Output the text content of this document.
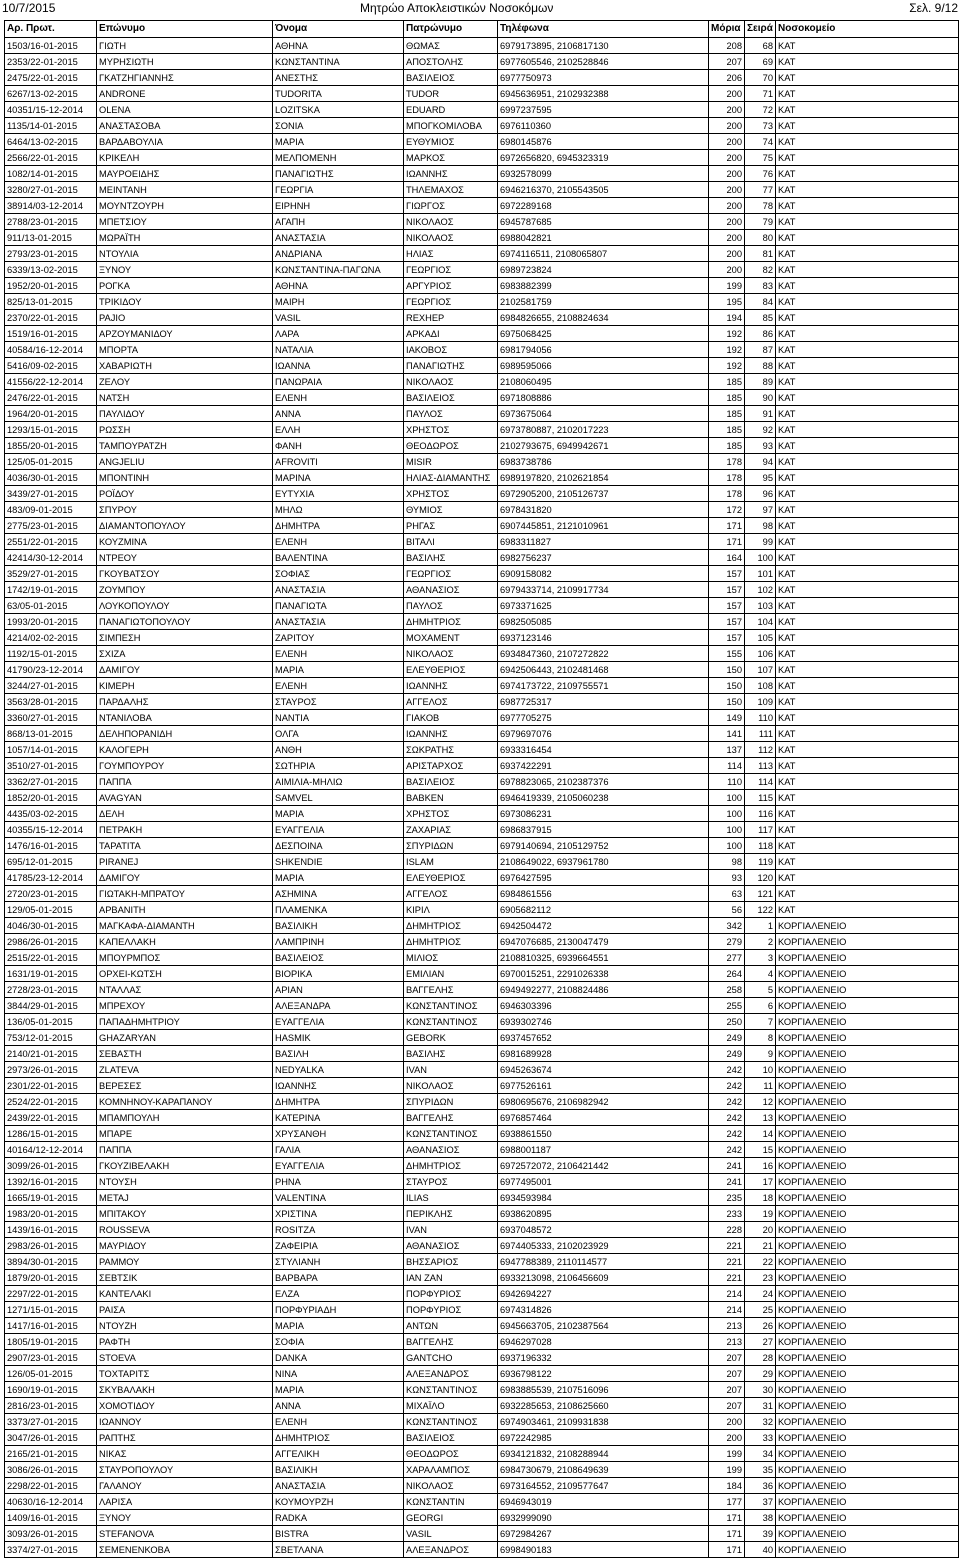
10/7/2015	Μητρώο Αποκλειστικών Νοσοκόμων	Σελ. 9/12
Αρ. Πρωτ.	Επώνυμο	Όνομα	Πατρώνυμο	Τηλέφωνα	Μόρια	Σειρά	Νοσοκομείο
1503/16-01-2015	ΓΙΩΤΗ	ΑΘΗΝΑ	ΘΩΜΑΣ	6979173895, 2106817130	208	68	ΚΑΤ
2353/22-01-2015	ΜΥΡΗΣΙΩΤΗ	ΚΩΝΣΤΑΝΤΙΝΑ	ΑΠΟΣΤΟΛΗΣ	6977605546, 2102528846	207	69	ΚΑΤ
2475/22-01-2015	ΓΚΑΤΖΗΓΙΑΝΝΗΣ	ΑΝΕΣΤΗΣ	ΒΑΣΙΛΕΙΟΣ	6977750973	206	70	ΚΑΤ
6267/13-02-2015	ANDRONE	TUDORITA	TUDOR	6945636951, 2102932388	200	71	ΚΑΤ
40351/15-12-2014	OLENA	LOZITSKA	EDUARD	6997237595	200	72	ΚΑΤ
1135/14-01-2015	ΑΝΑΣΤΑΣΟΒΑ	ΣΟΝΙΑ	ΜΠΟΓΚΟΜΙΛΟΒΑ	6976110360	200	73	ΚΑΤ
6464/13-02-2015	ΒΑΡΔΑΒΟΥΛΙΑ	ΜΑΡΙΑ	ΕΥΘΥΜΙΟΣ	6980145876	200	74	ΚΑΤ
2566/22-01-2015	ΚΡΙΚΕΛΗ	ΜΕΛΠΟΜΕΝΗ	ΜΑΡΚΟΣ	6972656820, 6945323319	200	75	ΚΑΤ
1082/14-01-2015	ΜΑΥΡΟΕΙΔΗΣ	ΠΑΝΑΓΙΩΤΗΣ	ΙΩΑΝΝΗΣ	6932578099	200	76	ΚΑΤ
3280/27-01-2015	ΜΕΙΝΤΑΝΗ	ΓΕΩΡΓΙΑ	ΤΗΛΕΜΑΧΟΣ	6946216370, 2105543505	200	77	ΚΑΤ
38914/03-12-2014	ΜΟΥΝΤΖΟΥΡΗ	ΕΙΡΗΝΗ	ΓΙΩΡΓΟΣ	6972289168	200	78	ΚΑΤ
2788/23-01-2015	ΜΠΕΤΣΙΟΥ	ΑΓΑΠΗ	ΝΙΚΟΛΑΟΣ	6945787685	200	79	ΚΑΤ
911/13-01-2015	ΜΩΡΑΪΤΗ	ΑΝΑΣΤΑΣΙΑ	ΝΙΚΟΛΑΟΣ	6988042821	200	80	ΚΑΤ
2793/23-01-2015	ΝΤΟΥΛΙΑ	ΑΝΔΡΙΑΝΑ	ΗΛΙΑΣ	6974116511, 2108065807	200	81	ΚΑΤ
6339/13-02-2015	ΞΥΝΟΥ	ΚΩΝΣΤΑΝΤΙΝΑ-ΠΑΓΩΝΑ	ΓΕΩΡΓΙΟΣ	6989723824	200	82	ΚΑΤ
1952/20-01-2015	ΡΟΓΚΑ	ΑΘΗΝΑ	ΑΡΓΥΡΙΟΣ	6983882399	199	83	ΚΑΤ
825/13-01-2015	ΤΡΙΚΙΔΟΥ	ΜΑΙΡΗ	ΓΕΩΡΓΙΟΣ	2102581759	195	84	ΚΑΤ
2370/22-01-2015	PAJIO	VASIL	REXHEP	6984826655, 2108824634	194	85	ΚΑΤ
1519/16-01-2015	ΑΡΖΟΥΜΑΝΙΔΟΥ	ΛΑΡΑ	ΑΡΚΑΔΙ	6975068425	192	86	ΚΑΤ
40584/16-12-2014	ΜΠΟΡΤΑ	ΝΑΤΑΛΙΑ	ΙΑΚΟΒΟΣ	6981794056	192	87	ΚΑΤ
5416/09-02-2015	ΧΑΒΑΡΙΩΤΗ	ΙΩΑΝΝΑ	ΠΑΝΑΓΙΩΤΗΣ	6989595066	192	88	ΚΑΤ
41556/22-12-2014	ΖΕΛΟΥ	ΠΑΝΩΡΑΙΑ	ΝΙΚΟΛΑΟΣ	2108060495	185	89	ΚΑΤ
2476/22-01-2015	ΝΑΤΣΗ	ΕΛΕΝΗ	ΒΑΣΙΛΕΙΟΣ	6971808886	185	90	ΚΑΤ
1964/20-01-2015	ΠΑΥΛΙΔΟΥ	ΑΝΝΑ	ΠΑΥΛΟΣ	6973675064	185	91	ΚΑΤ
1293/15-01-2015	ΡΩΣΣΗ	ΕΛΛΗ	ΧΡΗΣΤΟΣ	6973780887, 2102017223	185	92	ΚΑΤ
1855/20-01-2015	ΤΑΜΠΟΥΡΑΤΖΗ	ΦΑΝΗ	ΘΕΟΔΩΡΟΣ	2102793675, 6949942671	185	93	ΚΑΤ
125/05-01-2015	ANGJELIU	AFROVITI	MISIR	6983738786	178	94	ΚΑΤ
4036/30-01-2015	ΜΠΟΝΤΙΝΗ	ΜΑΡΙΝΑ	ΗΛΙΑΣ-ΔΙΑΜΑΝΤΗΣ	6989197820, 2102621854	178	95	ΚΑΤ
3439/27-01-2015	ΡΟΪΔΟΥ	ΕΥΤΥΧΙΑ	ΧΡΗΣΤΟΣ	6972905200, 2105126737	178	96	ΚΑΤ
483/09-01-2015	ΣΠΥΡΟΥ	ΜΗΛΩ	ΘΥΜΙΟΣ	6978431820	172	97	ΚΑΤ
2775/23-01-2015	ΔΙΑΜΑΝΤΟΠΟΥΛΟΥ	ΔΗΜΗΤΡΑ	ΡΗΓΑΣ	6907445851, 2121010961	171	98	ΚΑΤ
2551/22-01-2015	ΚΟΥΖΜΙΝΑ	ΕΛΕΝΗ	ΒΙΤΑΛΙ	6983311827	171	99	ΚΑΤ
42414/30-12-2014	ΝΤΡΕΟΥ	ΒΑΛΕΝΤΙΝΑ	ΒΑΣΙΛΗΣ	6982756237	164	100	ΚΑΤ
3529/27-01-2015	ΓΚΟΥΒΑΤΣΟΥ	ΣΟΦΙΑΣ	ΓΕΩΡΓΙΟΣ	6909158082	157	101	ΚΑΤ
1742/19-01-2015	ΖΟΥΜΠΟΥ	ΑΝΑΣΤΑΣΙΑ	ΑΘΑΝΑΣΙΟΣ	6979433714, 2109917734	157	102	ΚΑΤ
63/05-01-2015	ΛΟΥΚΟΠΟΥΛΟΥ	ΠΑΝΑΓΙΩΤΑ	ΠΑΥΛΟΣ	6973371625	157	103	ΚΑΤ
1993/20-01-2015	ΠΑΝΑΓΙΩΤΟΠΟΥΛΟΥ	ΑΝΑΣΤΑΣΙΑ	ΔΗΜΗΤΡΙΟΣ	6982505085	157	104	ΚΑΤ
4214/02-02-2015	ΣΙΜΠΕΣΗ	ΖΑΡΙΤΟΥ	ΜΟΧΑΜΕΝΤ	6937123146	157	105	ΚΑΤ
1192/15-01-2015	ΣΧΙΖΑ	ΕΛΕΝΗ	ΝΙΚΟΛΑΟΣ	6934847360, 2107272822	155	106	ΚΑΤ
41790/23-12-2014	ΔΑΜΙΓΟΥ	ΜΑΡΙΑ	ΕΛΕΥΘΕΡΙΟΣ	6942506443, 2102481468	150	107	ΚΑΤ
3244/27-01-2015	ΚΙΜΕΡΗ	ΕΛΕΝΗ	ΙΩΑΝΝΗΣ	6974173722, 2109755571	150	108	ΚΑΤ
3563/28-01-2015	ΠΑΡΔΑΛΗΣ	ΣΤΑΥΡΟΣ	ΑΓΓΕΛΟΣ	6987725317	150	109	ΚΑΤ
3360/27-01-2015	ΝΤΑΝΙΛΟΒΑ	ΝΑΝΤΙΑ	ΓΙΑΚΟΒ	6977705275	149	110	ΚΑΤ
868/13-01-2015	ΔΕΛΗΠΟΡΑΝΙΔΗ	ΟΛΓΑ	ΙΩΑΝΝΗΣ	6979697076	141	111	ΚΑΤ
1057/14-01-2015	ΚΑΛΟΓΕΡΗ	ΑΝΘΗ	ΣΩΚΡΑΤΗΣ	6933316454	137	112	ΚΑΤ
3510/27-01-2015	ΓΟΥΜΠΟΥΡΟΥ	ΣΩΤΗΡΙΑ	ΑΡΙΣΤΑΡΧΟΣ	6937422291	114	113	ΚΑΤ
3362/27-01-2015	ΠΑΠΠΑ	ΑΙΜΙΛΙΑ-ΜΗΛΙΩ	ΒΑΣΙΛΕΙΟΣ	6978823065, 2102387376	110	114	ΚΑΤ
1852/20-01-2015	AVAGYAN	SAMVEL	BABKEN	6946419339, 2105060238	100	115	ΚΑΤ
4435/03-02-2015	ΔΕΛΗ	ΜΑΡΙΑ	ΧΡΗΣΤΟΣ	6973086231	100	116	ΚΑΤ
40355/15-12-2014	ΠΕΤΡΑΚΗ	ΕΥΑΓΓΕΛΙΑ	ΖΑΧΑΡΙΑΣ	6986837915	100	117	ΚΑΤ
1476/16-01-2015	ΤΑΡΑΤΙΤΑ	ΔΕΣΠΟΙΝΑ	ΣΠΥΡΙΔΩΝ	6979140694, 2105129752	100	118	ΚΑΤ
695/12-01-2015	PIRANEJ	SHKENDIE	ISLAM	2108649022, 6937961780	98	119	ΚΑΤ
41785/23-12-2014	ΔΑΜΙΓΟΥ	ΜΑΡΙΑ	ΕΛΕΥΘΕΡΙΟΣ	6976427595	93	120	ΚΑΤ
2720/23-01-2015	ΓΙΩΤΑΚΗ-ΜΠΡΑΤΟΥ	ΑΣΗΜΙΝΑ	ΑΓΓΕΛΟΣ	6984861556	63	121	ΚΑΤ
129/05-01-2015	ΑΡΒΑΝΙΤΗ	ΠΛΑΜΕΝΚΑ	ΚΙΡΙΛ	6905682112	56	122	ΚΑΤ
4046/30-01-2015	ΜΑΓΚΑΦΑ-ΔΙΑΜΑΝΤΗ	ΒΑΣΙΛΙΚΗ	ΔΗΜΗΤΡΙΟΣ	6942504472	342	1	ΚΟΡΓΙΑΛΕΝΕΙΟ
2986/26-01-2015	ΚΑΠΕΛΛΑΚΗ	ΛΑΜΠΡΙΝΗ	ΔΗΜΗΤΡΙΟΣ	6947076685, 2130047479	279	2	ΚΟΡΓΙΑΛΕΝΕΙΟ
2515/22-01-2015	ΜΠΟΥΡΜΠΟΣ	ΒΑΣΙΛΕΙΟΣ	ΜΙΛΙΟΣ	2108810325, 6939664551	277	3	ΚΟΡΓΙΑΛΕΝΕΙΟ
1631/19-01-2015	ΟΡΧΕΙ-ΚΩΤΣΗ	ΒΙΟΡΙΚΑ	ΕΜΙΛΙΑΝ	6970015251, 2291026338	264	4	ΚΟΡΓΙΑΛΕΝΕΙΟ
2728/23-01-2015	ΝΤΑΛΛΑΣ	ΑΡΙΑΝ	ΒΑΓΓΕΛΗΣ	6949492277, 2108824486	258	5	ΚΟΡΓΙΑΛΕΝΕΙΟ
3844/29-01-2015	ΜΠΡΕΧΟΥ	ΑΛΕΞΑΝΔΡΑ	ΚΩΝΣΤΑΝΤΙΝΟΣ	6946303396	255	6	ΚΟΡΓΙΑΛΕΝΕΙΟ
136/05-01-2015	ΠΑΠΑΔΗΜΗΤΡΙΟΥ	ΕΥΑΓΓΕΛΙΑ	ΚΩΝΣΤΑΝΤΙΝΟΣ	6939302746	250	7	ΚΟΡΓΙΑΛΕΝΕΙΟ
753/12-01-2015	GHAZARYAN	HASMIK	GEBORK	6937457652	249	8	ΚΟΡΓΙΑΛΕΝΕΙΟ
2140/21-01-2015	ΣΕΒΑΣΤΗ	ΒΑΣΙΛΗ	ΒΑΣΙΛΗΣ	6981689928	249	9	ΚΟΡΓΙΑΛΕΝΕΙΟ
2973/26-01-2015	ZLATEVA	NEDYALKA	IVAN	6945263674	242	10	ΚΟΡΓΙΑΛΕΝΕΙΟ
2301/22-01-2015	ΒΕΡΕΣΕΣ	ΙΩΑΝΝΗΣ	ΝΙΚΟΛΑΟΣ	6977526161	242	11	ΚΟΡΓΙΑΛΕΝΕΙΟ
2524/22-01-2015	ΚΟΜΝΗΝΟΥ-ΚΑΡΑΠΑΝΟΥ	ΔΗΜΗΤΡΑ	ΣΠΥΡΙΔΩΝ	6980695676, 2106982942	242	12	ΚΟΡΓΙΑΛΕΝΕΙΟ
2439/22-01-2015	ΜΠΑΜΠΟΥΛΗ	ΚΑΤΕΡΙΝΑ	ΒΑΓΓΕΛΗΣ	6976857464	242	13	ΚΟΡΓΙΑΛΕΝΕΙΟ
1286/15-01-2015	ΜΠΑΡΕ	ΧΡΥΣΑΝΘΗ	ΚΩΝΣΤΑΝΤΙΝΟΣ	6938861550	242	14	ΚΟΡΓΙΑΛΕΝΕΙΟ
40164/12-12-2014	ΠΑΠΠΑ	ΓΑΛΙΑ	ΑΘΑΝΑΣΙΟΣ	6988001187	242	15	ΚΟΡΓΙΑΛΕΝΕΙΟ
3099/26-01-2015	ΓΚΟΥΖΙΒΕΛΑΚΗ	ΕΥΑΓΓΕΛΙΑ	ΔΗΜΗΤΡΙΟΣ	6972572072, 2106421442	241	16	ΚΟΡΓΙΑΛΕΝΕΙΟ
1392/16-01-2015	ΝΤΟΥΣΗ	ΡΗΝΑ	ΣΤΑΥΡΟΣ	6977495001	241	17	ΚΟΡΓΙΑΛΕΝΕΙΟ
1665/19-01-2015	METAJ	VALENTINA	ILIAS	6934593984	235	18	ΚΟΡΓΙΑΛΕΝΕΙΟ
1983/20-01-2015	ΜΠΙΤΑΚΟΥ	ΧΡΙΣΤΙΝΑ	ΠΕΡΙΚΛΗΣ	6938620895	233	19	ΚΟΡΓΙΑΛΕΝΕΙΟ
1439/16-01-2015	ROUSSEVA	ROSITZA	IVAN	6937048572	228	20	ΚΟΡΓΙΑΛΕΝΕΙΟ
2983/26-01-2015	ΜΑΥΡΙΔΟΥ	ΖΑΦΕΙΡΙΑ	ΑΘΑΝΑΣΙΟΣ	6974405333, 2102023929	221	21	ΚΟΡΓΙΑΛΕΝΕΙΟ
3894/30-01-2015	ΡΑΜΜΟΥ	ΣΤΥΛΙΑΝΗ	ΒΗΣΣΑΡΙΟΣ	6947788389, 2110114577	221	22	ΚΟΡΓΙΑΛΕΝΕΙΟ
1879/20-01-2015	ΣΕΒΤΣΙΚ	ΒΑΡΒΑΡΑ	ΙΑΝ ΖΑΝ	6933213098, 2106456609	221	23	ΚΟΡΓΙΑΛΕΝΕΙΟ
2297/22-01-2015	ΚΑΝΤΕΛΑΚΙ	ΕΛΖΑ	ΠΟΡΦΥΡΙΟΣ	6942694227	214	24	ΚΟΡΓΙΑΛΕΝΕΙΟ
1271/15-01-2015	ΡΑΙΣΑ	ΠΟΡΦΥΡΙΑΔΗ	ΠΟΡΦΥΡΙΟΣ	6974314826	214	25	ΚΟΡΓΙΑΛΕΝΕΙΟ
1417/16-01-2015	ΝΤΟΥΖΗ	ΜΑΡΙΑ	ΑΝΤΩΝ	6945663705, 2102387564	213	26	ΚΟΡΓΙΑΛΕΝΕΙΟ
1805/19-01-2015	ΡΑΦΤΗ	ΣΟΦΙΑ	ΒΑΓΓΕΛΗΣ	6946297028	213	27	ΚΟΡΓΙΑΛΕΝΕΙΟ
2907/23-01-2015	STOEVA	DANKA	GANTCHO	6937196332	207	28	ΚΟΡΓΙΑΛΕΝΕΙΟ
126/05-01-2015	ΤΟΧΤΑΡΙΤΣ	ΝΙΝΑ	ΑΛΕΞΑΝΔΡΟΣ	6936798122	207	29	ΚΟΡΓΙΑΛΕΝΕΙΟ
1690/19-01-2015	ΣΚΥΒΑΛΑΚΗ	ΜΑΡΙΑ	ΚΩΝΣΤΑΝΤΙΝΟΣ	6983885539, 2107516096	207	30	ΚΟΡΓΙΑΛΕΝΕΙΟ
2816/23-01-2015	ΧΟΜΟΤΙΔΟΥ	ΑΝΝΑ	ΜΙΧΑΪΛΟ	6932285653, 2108625660	207	31	ΚΟΡΓΙΑΛΕΝΕΙΟ
3373/27-01-2015	ΙΩΑΝΝΟΥ	ΕΛΕΝΗ	ΚΩΝΣΤΑΝΤΙΝΟΣ	6974903461, 2109931838	200	32	ΚΟΡΓΙΑΛΕΝΕΙΟ
3047/26-01-2015	ΡΑΠΤΗΣ	ΔΗΜΗΤΡΙΟΣ	ΒΑΣΙΛΕΙΟΣ	6972242985	200	33	ΚΟΡΓΙΑΛΕΝΕΙΟ
2165/21-01-2015	ΝΙΚΑΣ	ΑΓΓΕΛΙΚΗ	ΘΕΟΔΩΡΟΣ	6934121832, 2108288944	199	34	ΚΟΡΓΙΑΛΕΝΕΙΟ
3086/26-01-2015	ΣΤΑΥΡΟΠΟΥΛΟΥ	ΒΑΣΙΛΙΚΗ	ΧΑΡΑΛΑΜΠΟΣ	6984730679, 2108649639	199	35	ΚΟΡΓΙΑΛΕΝΕΙΟ
2298/22-01-2015	ΓΑΛΑΝΟΥ	ΑΝΑΣΤΑΣΙΑ	ΝΙΚΟΛΑΟΣ	6973164552, 2109577647	184	36	ΚΟΡΓΙΑΛΕΝΕΙΟ
40630/16-12-2014	ΛΑΡΙΣΑ	ΚΟΥΜΟΥΡΖΗ	ΚΩΝΣΤΑΝΤΙΝ	6946943019	177	37	ΚΟΡΓΙΑΛΕΝΕΙΟ
1409/16-01-2015	ΞΥΝΟΥ	RADKA	GEORGI	6932999090	171	38	ΚΟΡΓΙΑΛΕΝΕΙΟ
3093/26-01-2015	STEFANOVA	BISTRA	VASIL	6972984267	171	39	ΚΟΡΓΙΑΛΕΝΕΙΟ
3374/27-01-2015	ΣΕΜΕΝΕΝΚΟΒΑ	ΣΒΕΤΛΑΝΑ	ΑΛΕΞΑΝΔΡΟΣ	6998490183	171	40	ΚΟΡΓΙΑΛΕΝΕΙΟ
